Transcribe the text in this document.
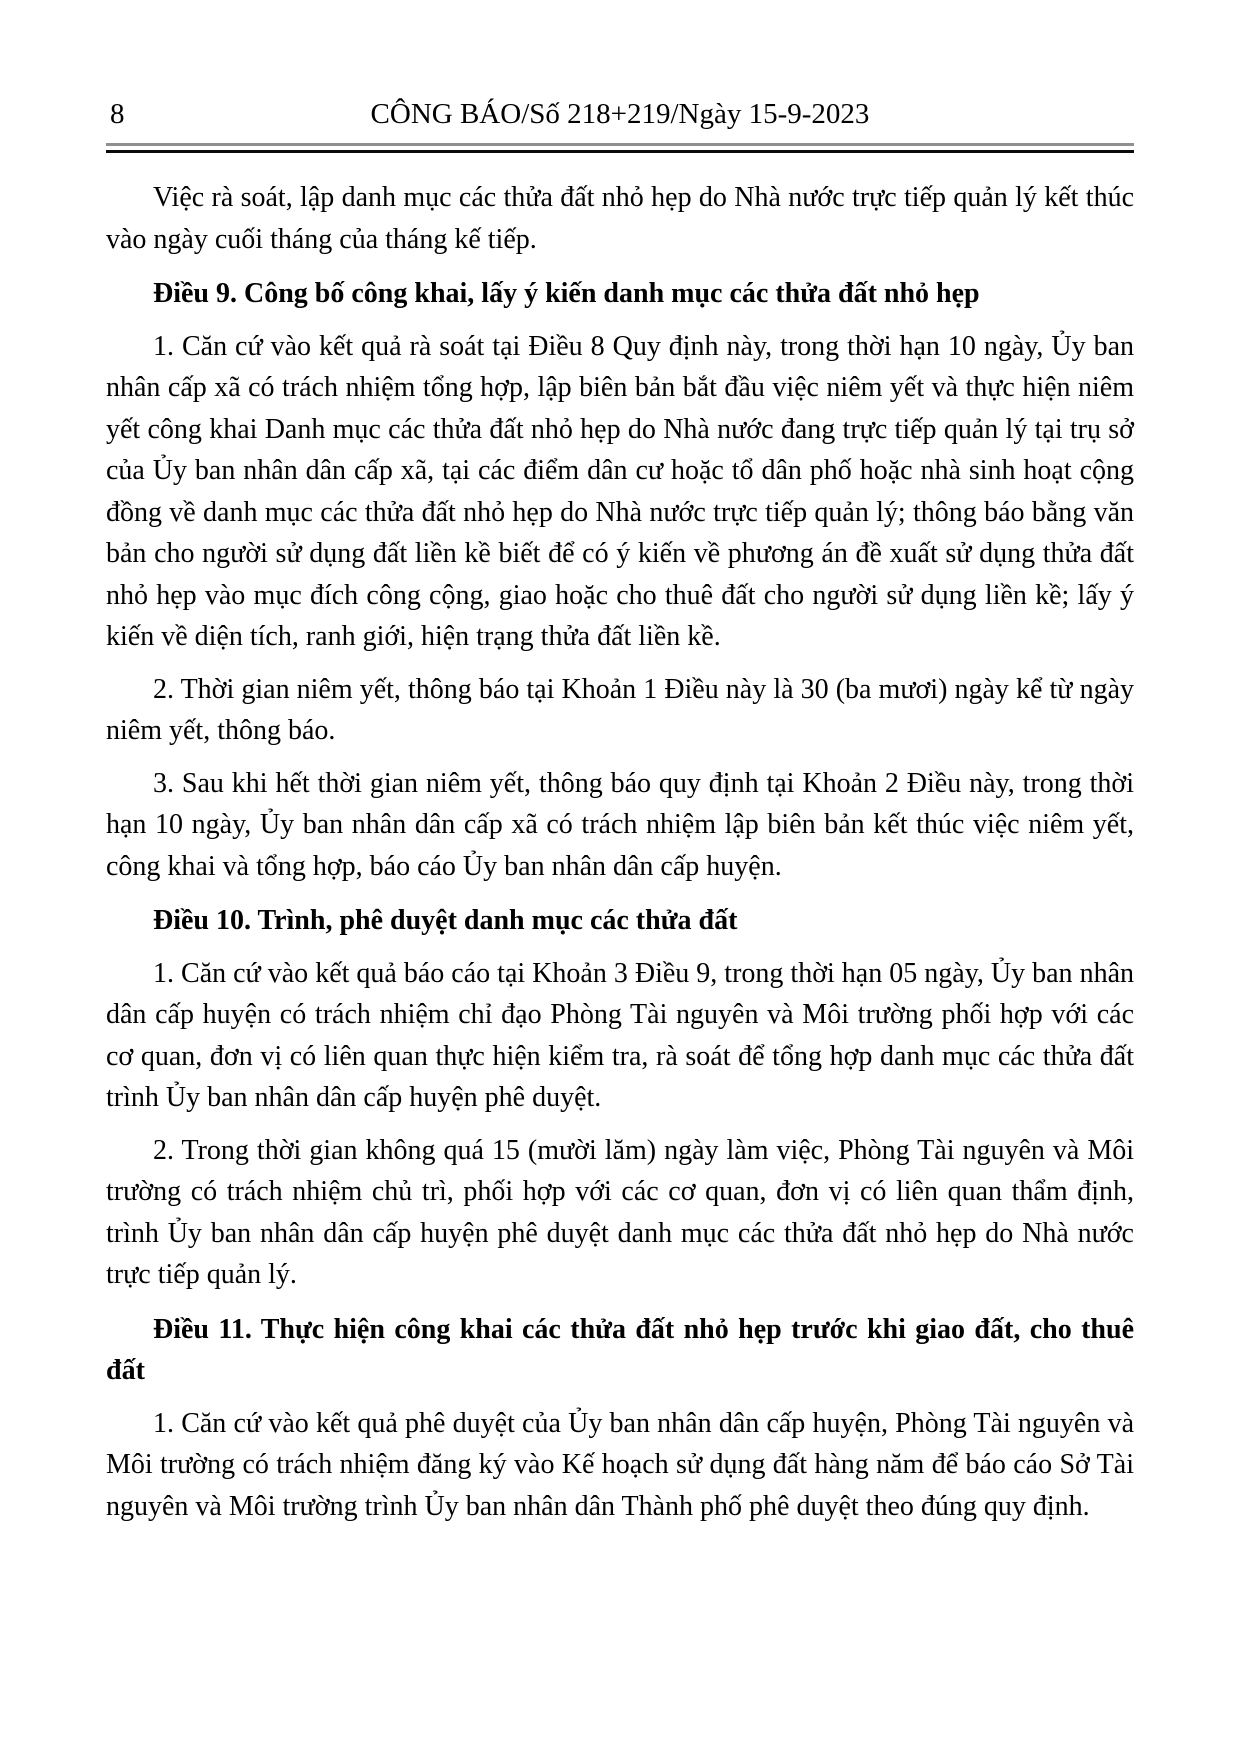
8	CÔNG BÁO/Số 218+219/Ngày 15-9-2023

Việc rà soát, lập danh mục các thửa đất nhỏ hẹp do Nhà nước trực tiếp quản lý kết thúc vào ngày cuối tháng của tháng kế tiếp.

Điều 9. Công bố công khai, lấy ý kiến danh mục các thửa đất nhỏ hẹp

1. Căn cứ vào kết quả rà soát tại Điều 8 Quy định này, trong thời hạn 10 ngày, Ủy ban nhân cấp xã có trách nhiệm tổng hợp, lập biên bản bắt đầu việc niêm yết và thực hiện niêm yết công khai Danh mục các thửa đất nhỏ hẹp do Nhà nước đang trực tiếp quản lý tại trụ sở của Ủy ban nhân dân cấp xã, tại các điểm dân cư hoặc tổ dân phố hoặc nhà sinh hoạt cộng đồng về danh mục các thửa đất nhỏ hẹp do Nhà nước trực tiếp quản lý; thông báo bằng văn bản cho người sử dụng đất liền kề biết để có ý kiến về phương án đề xuất sử dụng thửa đất nhỏ hẹp vào mục đích công cộng, giao hoặc cho thuê đất cho người sử dụng liền kề; lấy ý kiến về diện tích, ranh giới, hiện trạng thửa đất liền kề.

2. Thời gian niêm yết, thông báo tại Khoản 1 Điều này là 30 (ba mươi) ngày kể từ ngày niêm yết, thông báo.

3. Sau khi hết thời gian niêm yết, thông báo quy định tại Khoản 2 Điều này, trong thời hạn 10 ngày, Ủy ban nhân dân cấp xã có trách nhiệm lập biên bản kết thúc việc niêm yết, công khai và tổng hợp, báo cáo Ủy ban nhân dân cấp huyện.

Điều 10. Trình, phê duyệt danh mục các thửa đất

1. Căn cứ vào kết quả báo cáo tại Khoản 3 Điều 9, trong thời hạn 05 ngày, Ủy ban nhân dân cấp huyện có trách nhiệm chỉ đạo Phòng Tài nguyên và Môi trường phối hợp với các cơ quan, đơn vị có liên quan thực hiện kiểm tra, rà soát để tổng hợp danh mục các thửa đất trình Ủy ban nhân dân cấp huyện phê duyệt.

2. Trong thời gian không quá 15 (mười lăm) ngày làm việc, Phòng Tài nguyên và Môi trường có trách nhiệm chủ trì, phối hợp với các cơ quan, đơn vị có liên quan thẩm định, trình Ủy ban nhân dân cấp huyện phê duyệt danh mục các thửa đất nhỏ hẹp do Nhà nước trực tiếp quản lý.

Điều 11. Thực hiện công khai các thửa đất nhỏ hẹp trước khi giao đất, cho thuê đất

1. Căn cứ vào kết quả phê duyệt của Ủy ban nhân dân cấp huyện, Phòng Tài nguyên và Môi trường có trách nhiệm đăng ký vào Kế hoạch sử dụng đất hàng năm để báo cáo Sở Tài nguyên và Môi trường trình Ủy ban nhân dân Thành phố phê duyệt theo đúng quy định.
